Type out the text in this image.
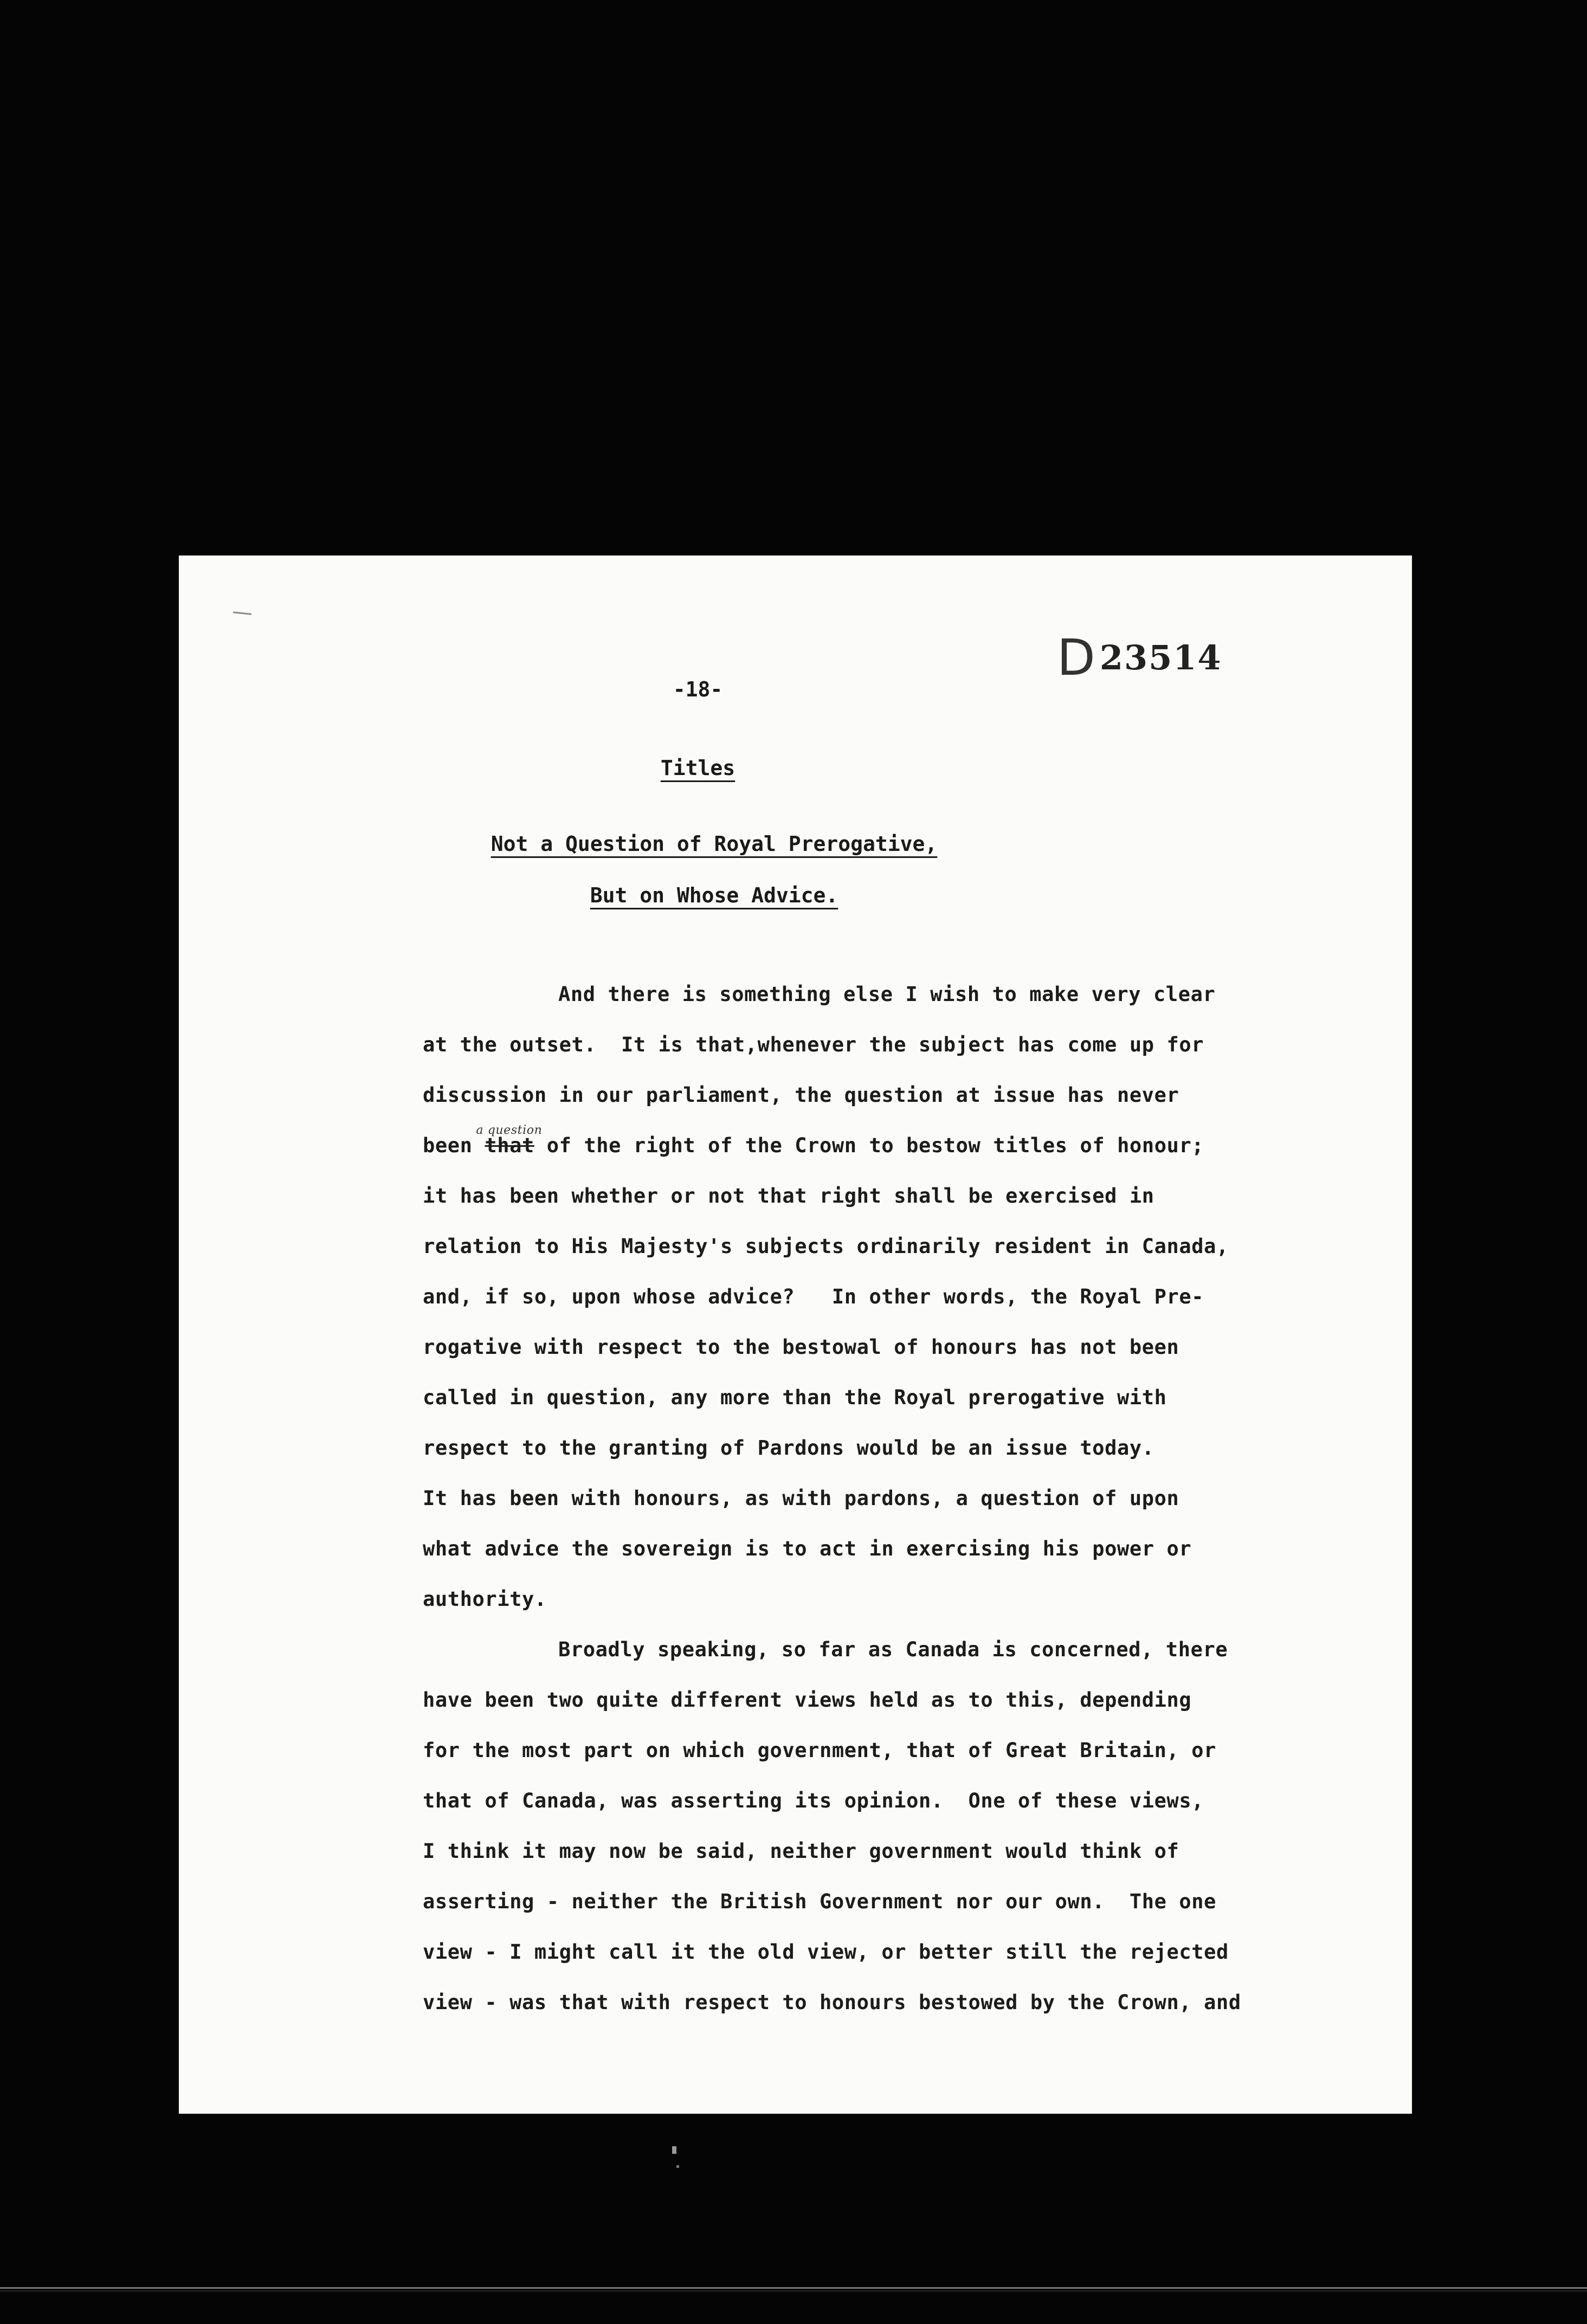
D23514
-18-
Titles
Not a Question of Royal Prerogative,
But on Whose Advice.
And there is something else I wish to make very clear
at the outset.  It is that,whenever the subject has come up for
discussion in our parliament, the question at issue has never
been
a question
that of the right of the Crown to bestow titles of honour;
it has been whether or not that right shall be exercised in
relation to His Majesty's subjects ordinarily resident in Canada,
and, if so, upon whose advice?   In other words, the Royal Pre-
rogative with respect to the bestowal of honours has not been
called in question, any more than the Royal prerogative with
respect to the granting of Pardons would be an issue today.
It has been with honours, as with pardons, a question of upon
what advice the sovereign is to act in exercising his power or
authority.
Broadly speaking, so far as Canada is concerned, there
have been two quite different views held as to this, depending
for the most part on which government, that of Great Britain, or
that of Canada, was asserting its opinion.  One of these views,
I think it may now be said, neither government would think of
asserting - neither the British Government nor our own.  The one
view - I might call it the old view, or better still the rejected
view - was that with respect to honours bestowed by the Crown, and
